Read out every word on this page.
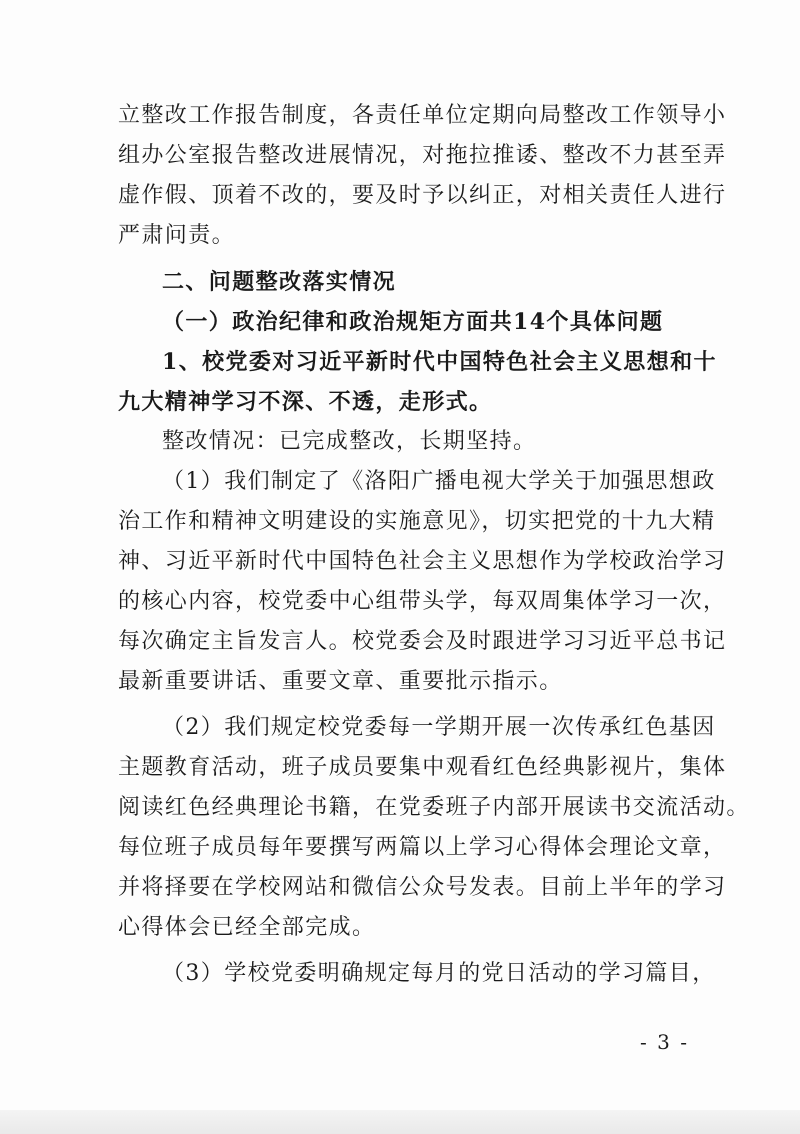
立整改工作报告制度，各责任单位定期向局整改工作领导小
组办公室报告整改进展情况，对拖拉推诿、整改不力甚至弄
虚作假、顶着不改的，要及时予以纠正，对相关责任人进行
严肃问责。
二、问题整改落实情况
（一）政治纪律和政治规矩方面共14个具体问题
1、校党委对习近平新时代中国特色社会主义思想和十
九大精神学习不深、不透，走形式。
整改情况：已完成整改，长期坚持。
（1）我们制定了《洛阳广播电视大学关于加强思想政
治工作和精神文明建设的实施意见》，切实把党的十九大精
神、习近平新时代中国特色社会主义思想作为学校政治学习
的核心内容，校党委中心组带头学，每双周集体学习一次，
每次确定主旨发言人。校党委会及时跟进学习习近平总书记
最新重要讲话、重要文章、重要批示指示。
（2）我们规定校党委每一学期开展一次传承红色基因
主题教育活动，班子成员要集中观看红色经典影视片，集体
阅读红色经典理论书籍，在党委班子内部开展读书交流活动。
每位班子成员每年要撰写两篇以上学习心得体会理论文章，
并将择要在学校网站和微信公众号发表。目前上半年的学习
心得体会已经全部完成。
（3）学校党委明确规定每月的党日活动的学习篇目，
- 3 -
